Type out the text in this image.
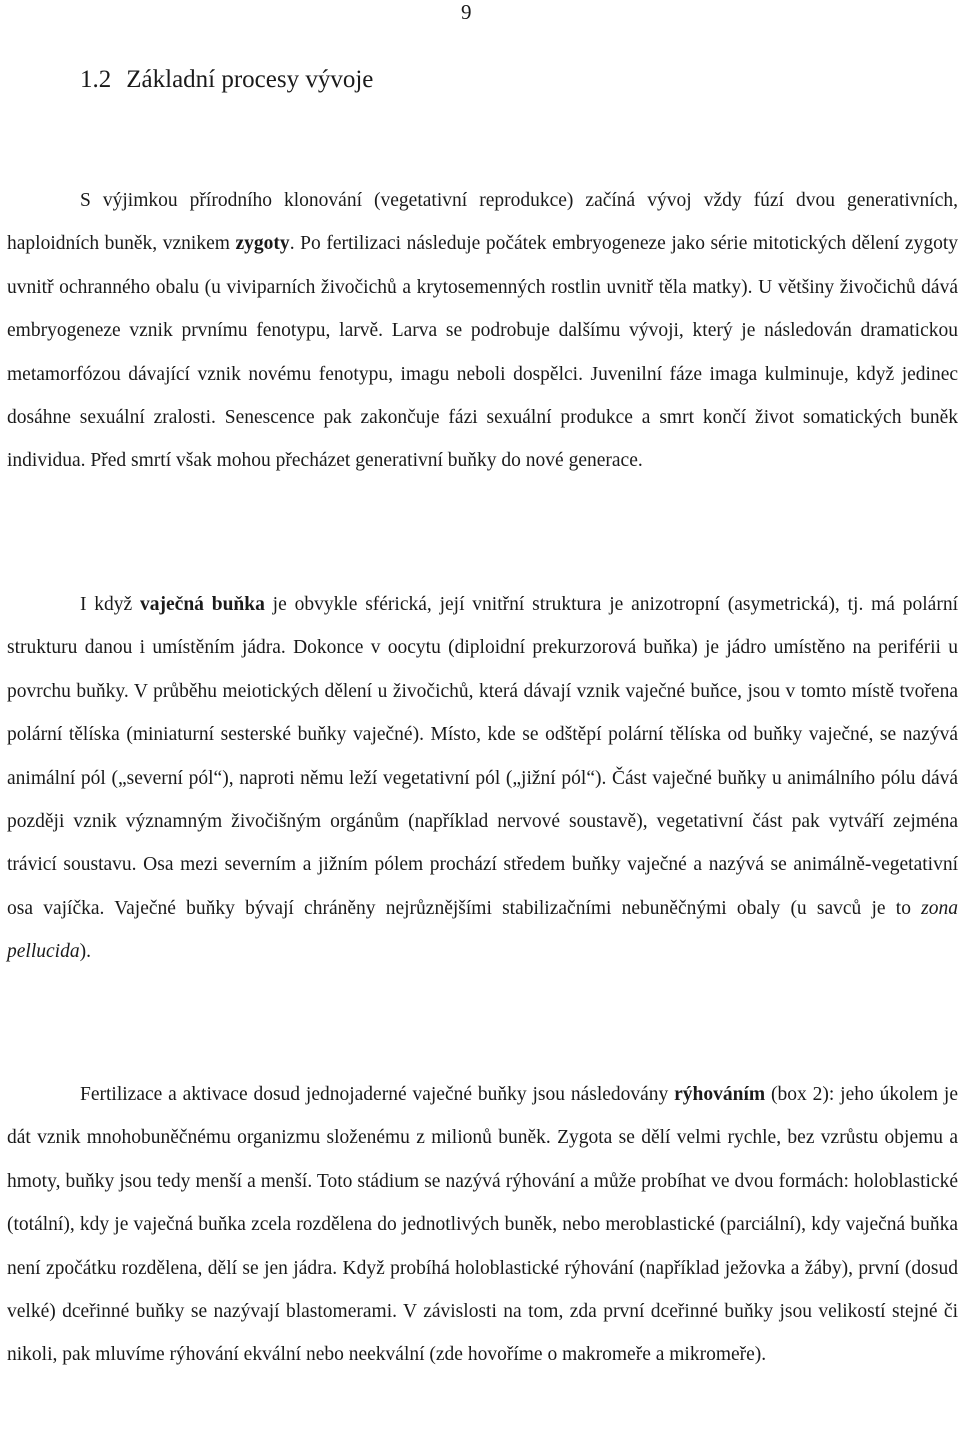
9
1.2 Základní procesy vývoje

S výjimkou přírodního klonování (vegetativní reprodukce) začíná vývoj vždy fúzí dvou generativních, haploidních buněk, vznikem zygoty. Po fertilizaci následuje počátek embryogeneze jako série mitotických dělení zygoty uvnitř ochranného obalu (u viviparních živočichů a krytosemenných rostlin uvnitř těla matky). U většiny živočichů dává embryogeneze vznik prvnímu fenotypu, larvě. Larva se podrobuje dalšímu vývoji, který je následován dramatickou metamorfózou dávající vznik novému fenotypu, imagu neboli dospělci. Juvenilní fáze imaga kulminuje, když jedinec dosáhne sexuální zralosti. Senescence pak zakončuje fázi sexuální produkce a smrt končí život somatických buněk individua. Před smrtí však mohou přecházet generativní buňky do nové generace.

I když vaječná buňka je obvykle sférická, její vnitřní struktura je anizotropní (asymetrická), tj. má polární strukturu danou i umístěním jádra. Dokonce v oocytu (diploidní prekurzorová buňka) je jádro umístěno na periférii u povrchu buňky. V průběhu meiotických dělení u živočichů, která dávají vznik vaječné buňce, jsou v tomto místě tvořena polární tělíska (miniaturní sesterské buňky vaječné). Místo, kde se odštěpí polární tělíska od buňky vaječné, se nazývá animální pól („severní pól“), naproti němu leží vegetativní pól („jižní pól“). Část vaječné buňky u animálního pólu dává později vznik významným živočišným orgánům (například nervové soustavě), vegetativní část pak vytváří zejména trávicí soustavu. Osa mezi severním a jižním pólem prochází středem buňky vaječné a nazývá se animálně-vegetativní osa vajíčka. Vaječné buňky bývají chráněny nejrůznějšími stabilizačními nebuněčnými obaly (u savců je to zona pellucida).

Fertilizace a aktivace dosud jednojaderné vaječné buňky jsou následovány rýhováním (box 2): jeho úkolem je dát vznik mnohobuněčnému organizmu složenému z milionů buněk. Zygota se dělí velmi rychle, bez vzrůstu objemu a hmoty, buňky jsou tedy menší a menší. Toto stádium se nazývá rýhování a může probíhat ve dvou formách: holoblastické (totální), kdy je vaječná buňka zcela rozdělena do jednotlivých buněk, nebo meroblastické (parciální), kdy vaječná buňka není zpočátku rozdělena, dělí se jen jádra. Když probíhá holoblastické rýhování (například ježovka a žáby), první (dosud velké) dceřinné buňky se nazývají blastomerami. V závislosti na tom, zda první dceřinné buňky jsou velikostí stejné či nikoli, pak mluvíme rýhování ekvální nebo neekvální (zde hovoříme o makromeře a mikromeře).
